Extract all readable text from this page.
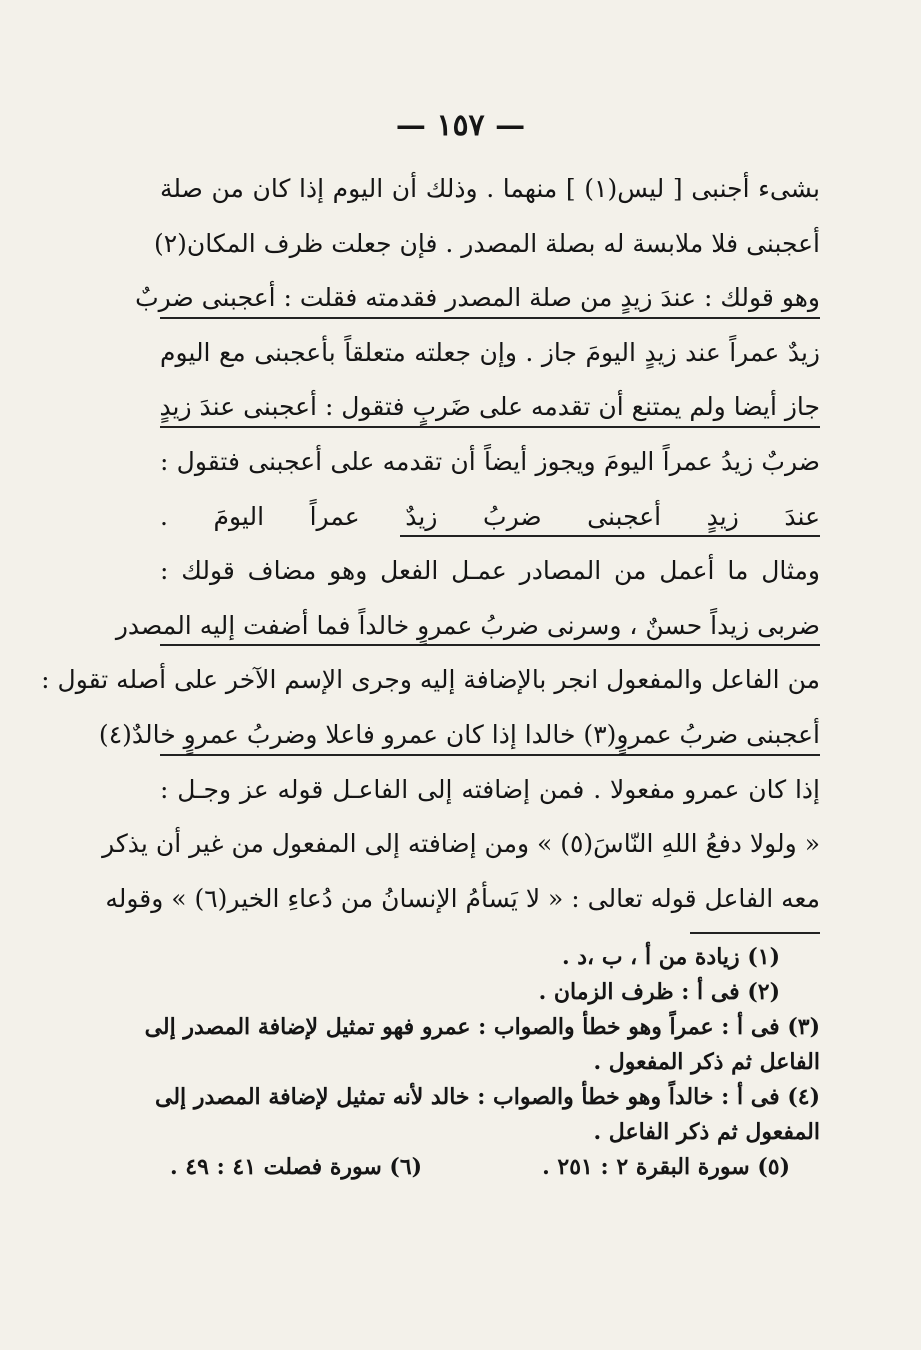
— ١٥٧ —
بشىء أجنبى [ ليس(١) ] منهما . وذلك أن اليوم إذا كان من صلة
أعجبنى فلا ملابسة له بصلة المصدر . فإن جعلت ظرف المكان(٢)
وهو قولك : عندَ زيدٍ من صلة المصدر فقدمته فقلت : أعجبنى ضربٌ
زيدٌ عمراً عند زيدٍ اليومَ جاز . وإن جعلته متعلقاً بأعجبنى مع اليوم
جاز أيضا ولم يمتنع أن تقدمه على ضَربٍ فتقول : أعجبنى عندَ زيدٍ
ضربٌ زيدُ عمراً اليومَ ويجوز أيضاً أن تقدمه على أعجبنى فتقول :
عندَ زيدٍ أعجبنى ضربُ زيدٌ عمراً اليومَ .
ومثال ما أعمل من المصادر عمـل الفعل وهو مضاف قولك :
ضربى زيداً حسنٌ ، وسرنى ضربُ عمروٍ خالداً فما أضفت إليه المصدر
من الفاعل والمفعول انجر بالإضافة إليه وجرى الإسم الآخر على أصله تقول :
أعجبنى ضربُ عمروٍ(٣) خالدا إذا كان عمرو فاعلا وضربُ عمروٍ خالدٌ(٤)
إذا كان عمرو مفعولا . فمن إضافته إلى الفاعـل قوله عز وجـل :
« ولولا دفعُ اللهِ النّاسَ(٥) » ومن إضافته إلى المفعول من غير أن يذكر
معه الفاعل قوله تعالى : « لا يَسأمُ الإنسانُ من دُعاءِ الخير(٦) » وقوله
(١) زيادة من أ ، ب ،د .
(٢) فى أ : ظرف الزمان .
(٣) فى أ : عمراً وهو خطأ والصواب : عمرو فهو تمثيل لإضافة المصدر إلى
الفاعل ثم ذكر المفعول .
(٤) فى أ : خالداً وهو خطأ والصواب : خالد لأنه تمثيل لإضافة المصدر إلى
المفعول ثم ذكر الفاعل .
(٥) سورة البقرة ٢ : ٢٥١ .
(٦) سورة فصلت ٤١ : ٤٩ .
